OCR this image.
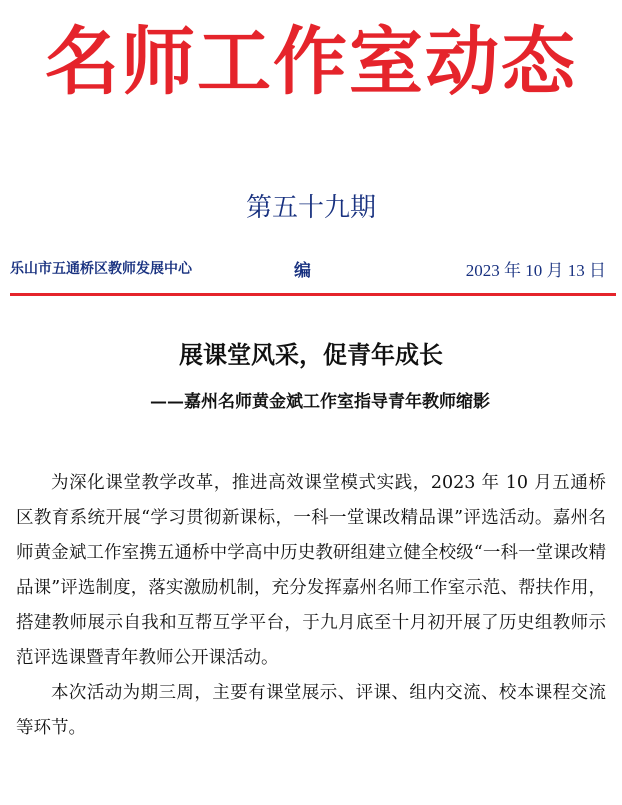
名师工作室动态
第五十九期
乐山市五通桥区教师发展中心	编	2023 年 10 月 13 日
展课堂风采，促青年成长
——嘉州名师黄金斌工作室指导青年教师缩影

为深化课堂教学改革，推进高效课堂模式实践，2023 年 10 月五通桥区教育系统开展“学习贯彻新课标，一科一堂课改精品课”评选活动。嘉州名师黄金斌工作室携五通桥中学高中历史教研组建立健全校级“一科一堂课改精品课”评选制度，落实激励机制，充分发挥嘉州名师工作室示范、帮扶作用，搭建教师展示自我和互帮互学平台，于九月底至十月初开展了历史组教师示范评选课暨青年教师公开课活动。

本次活动为期三周，主要有课堂展示、评课、组内交流、校本课程交流等环节。
